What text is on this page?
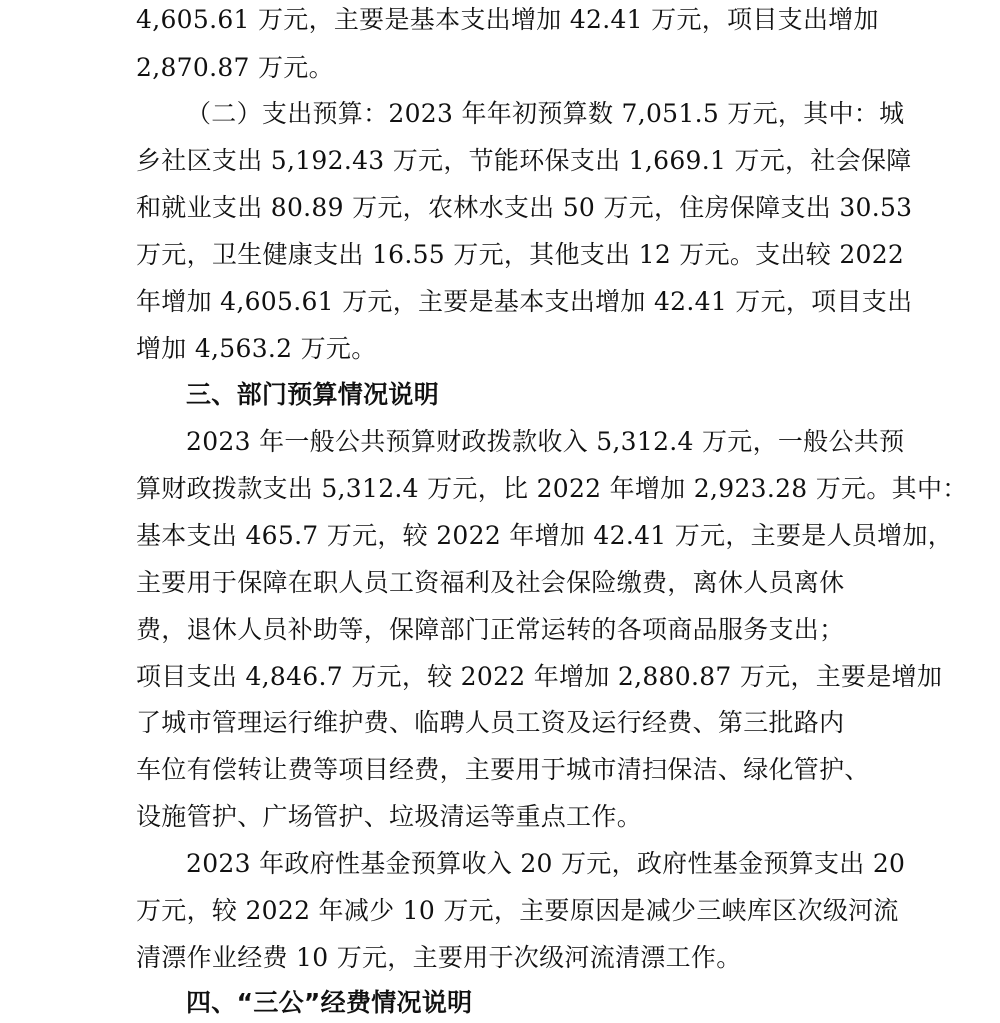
4,605.61 万元，主要是基本支出增加 42.41 万元，项目支出增加
2,870.87 万元。
（二）支出预算：2023 年年初预算数 7,051.5 万元，其中：城
乡社区支出 5,192.43 万元，节能环保支出 1,669.1 万元，社会保障
和就业支出 80.89 万元，农林水支出 50 万元，住房保障支出 30.53
万元，卫生健康支出 16.55 万元，其他支出 12 万元。支出较 2022
年增加 4,605.61 万元，主要是基本支出增加 42.41 万元，项目支出
增加 4,563.2 万元。
三、部门预算情况说明
2023 年一般公共预算财政拨款收入 5,312.4 万元，一般公共预
算财政拨款支出 5,312.4 万元，比 2022 年增加 2,923.28 万元。其中：
基本支出 465.7 万元，较 2022 年增加 42.41 万元，主要是人员增加，
主要用于保障在职人员工资福利及社会保险缴费，离休人员离休
费，退休人员补助等，保障部门正常运转的各项商品服务支出；
项目支出 4,846.7 万元，较 2022 年增加 2,880.87 万元，主要是增加
了城市管理运行维护费、临聘人员工资及运行经费、第三批路内
车位有偿转让费等项目经费，主要用于城市清扫保洁、绿化管护、
设施管护、广场管护、垃圾清运等重点工作。
2023 年政府性基金预算收入 20 万元，政府性基金预算支出 20
万元，较 2022 年减少 10 万元，主要原因是减少三峡库区次级河流
清漂作业经费 10 万元，主要用于次级河流清漂工作。
四、“三公”经费情况说明
